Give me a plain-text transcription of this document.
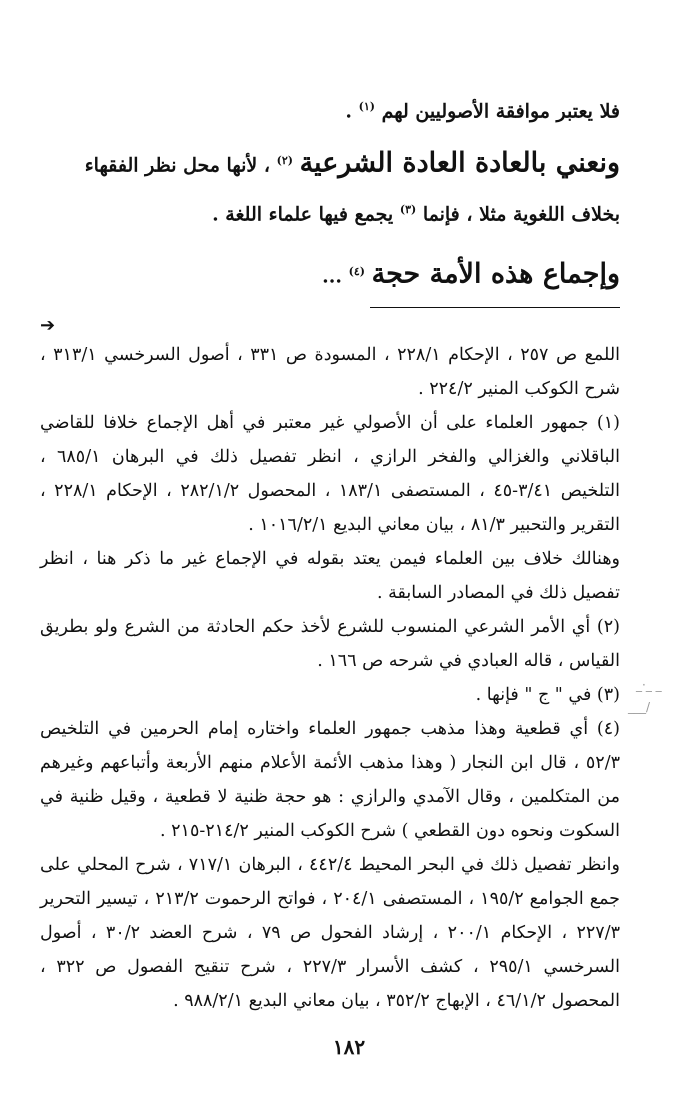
فلا يعتبر موافقة الأصوليين لهم $^{(١)}$ .

ونعني بالعادة العادة الشرعية $^{(٢)}$ ، لأنها محل نظر الفقهاء

بخلاف اللغوية مثلا ، فإنما $^{(٣)}$ يجمع فيها علماء اللغة .

وإجماع هذه الأمة حجة $^{(٤)}$ ...

➔

اللمع ص ٢٥٧ ، الإحكام ٢٢٨/١ ، المسودة ص ٣٣١ ، أصول السرخسي ٣١٣/١ ، شرح الكوكب المنير ٢٢٤/٢ .

(١) جمهور العلماء على أن الأصولي غير معتبر في أهل الإجماع خلافا للقاضي الباقلاني والغزالي والفخر الرازي ، انظر تفصيل ذلك في البرهان ٦٨٥/١ ، التلخيص ٣/٤١-٤٥ ، المستصفى ١٨٣/١ ، المحصول ٢٨٢/١/٢ ، الإحكام ٢٢٨/١ ، التقرير والتحبير ٨١/٣ ، بيان معاني البديع ١٠١٦/٢/١ .

وهنالك خلاف بين العلماء فيمن يعتد بقوله في الإجماع غير ما ذكر هنا ، انظر تفصيل ذلك في المصادر السابقة .

(٢) أي الأمر الشرعي المنسوب للشرع لأخذ حكم الحادثة من الشرع ولو بطريق القياس ، قاله العبادي في شرحه ص ١٦٦ .

(٣) في " ج " فإنها .

(٤) أي قطعية وهذا مذهب جمهور العلماء واختاره إمام الحرمين في التلخيص ٥٢/٣ ، قال ابن النجار ( وهذا مذهب الأئمة الأعلام منهم الأربعة وأتباعهم وغيرهم من المتكلمين ، وقال الآمدي والرازي : هو حجة ظنية لا قطعية ، وقيل ظنية في السكوت ونحوه دون القطعي ) شرح الكوكب المنير ٢١٤/٢-٢١٥ .

وانظر تفصيل ذلك في البحر المحيط ٤٤٢/٤ ، البرهان ٧١٧/١ ، شرح المحلي على جمع الجوامع ١٩٥/٢ ، المستصفى ٢٠٤/١ ، فواتح الرحموت ٢١٣/٢ ، تيسير التحرير ٢٢٧/٣ ، الإحكام ٢٠٠/١ ، إرشاد الفحول ص ٧٩ ، شرح العضد ٣٠/٢ ، أصول السرخسي ٢٩٥/١ ، كشف الأسرار ٢٢٧/٣ ، شرح تنقيح الفصول ص ٣٢٢ ، المحصول ٤٦/١/٢ ، الإبهاج ٣٥٢/٢ ، بيان معاني البديع ٩٨٨/٢/١ .

_·_ _
___/
١٨٢
